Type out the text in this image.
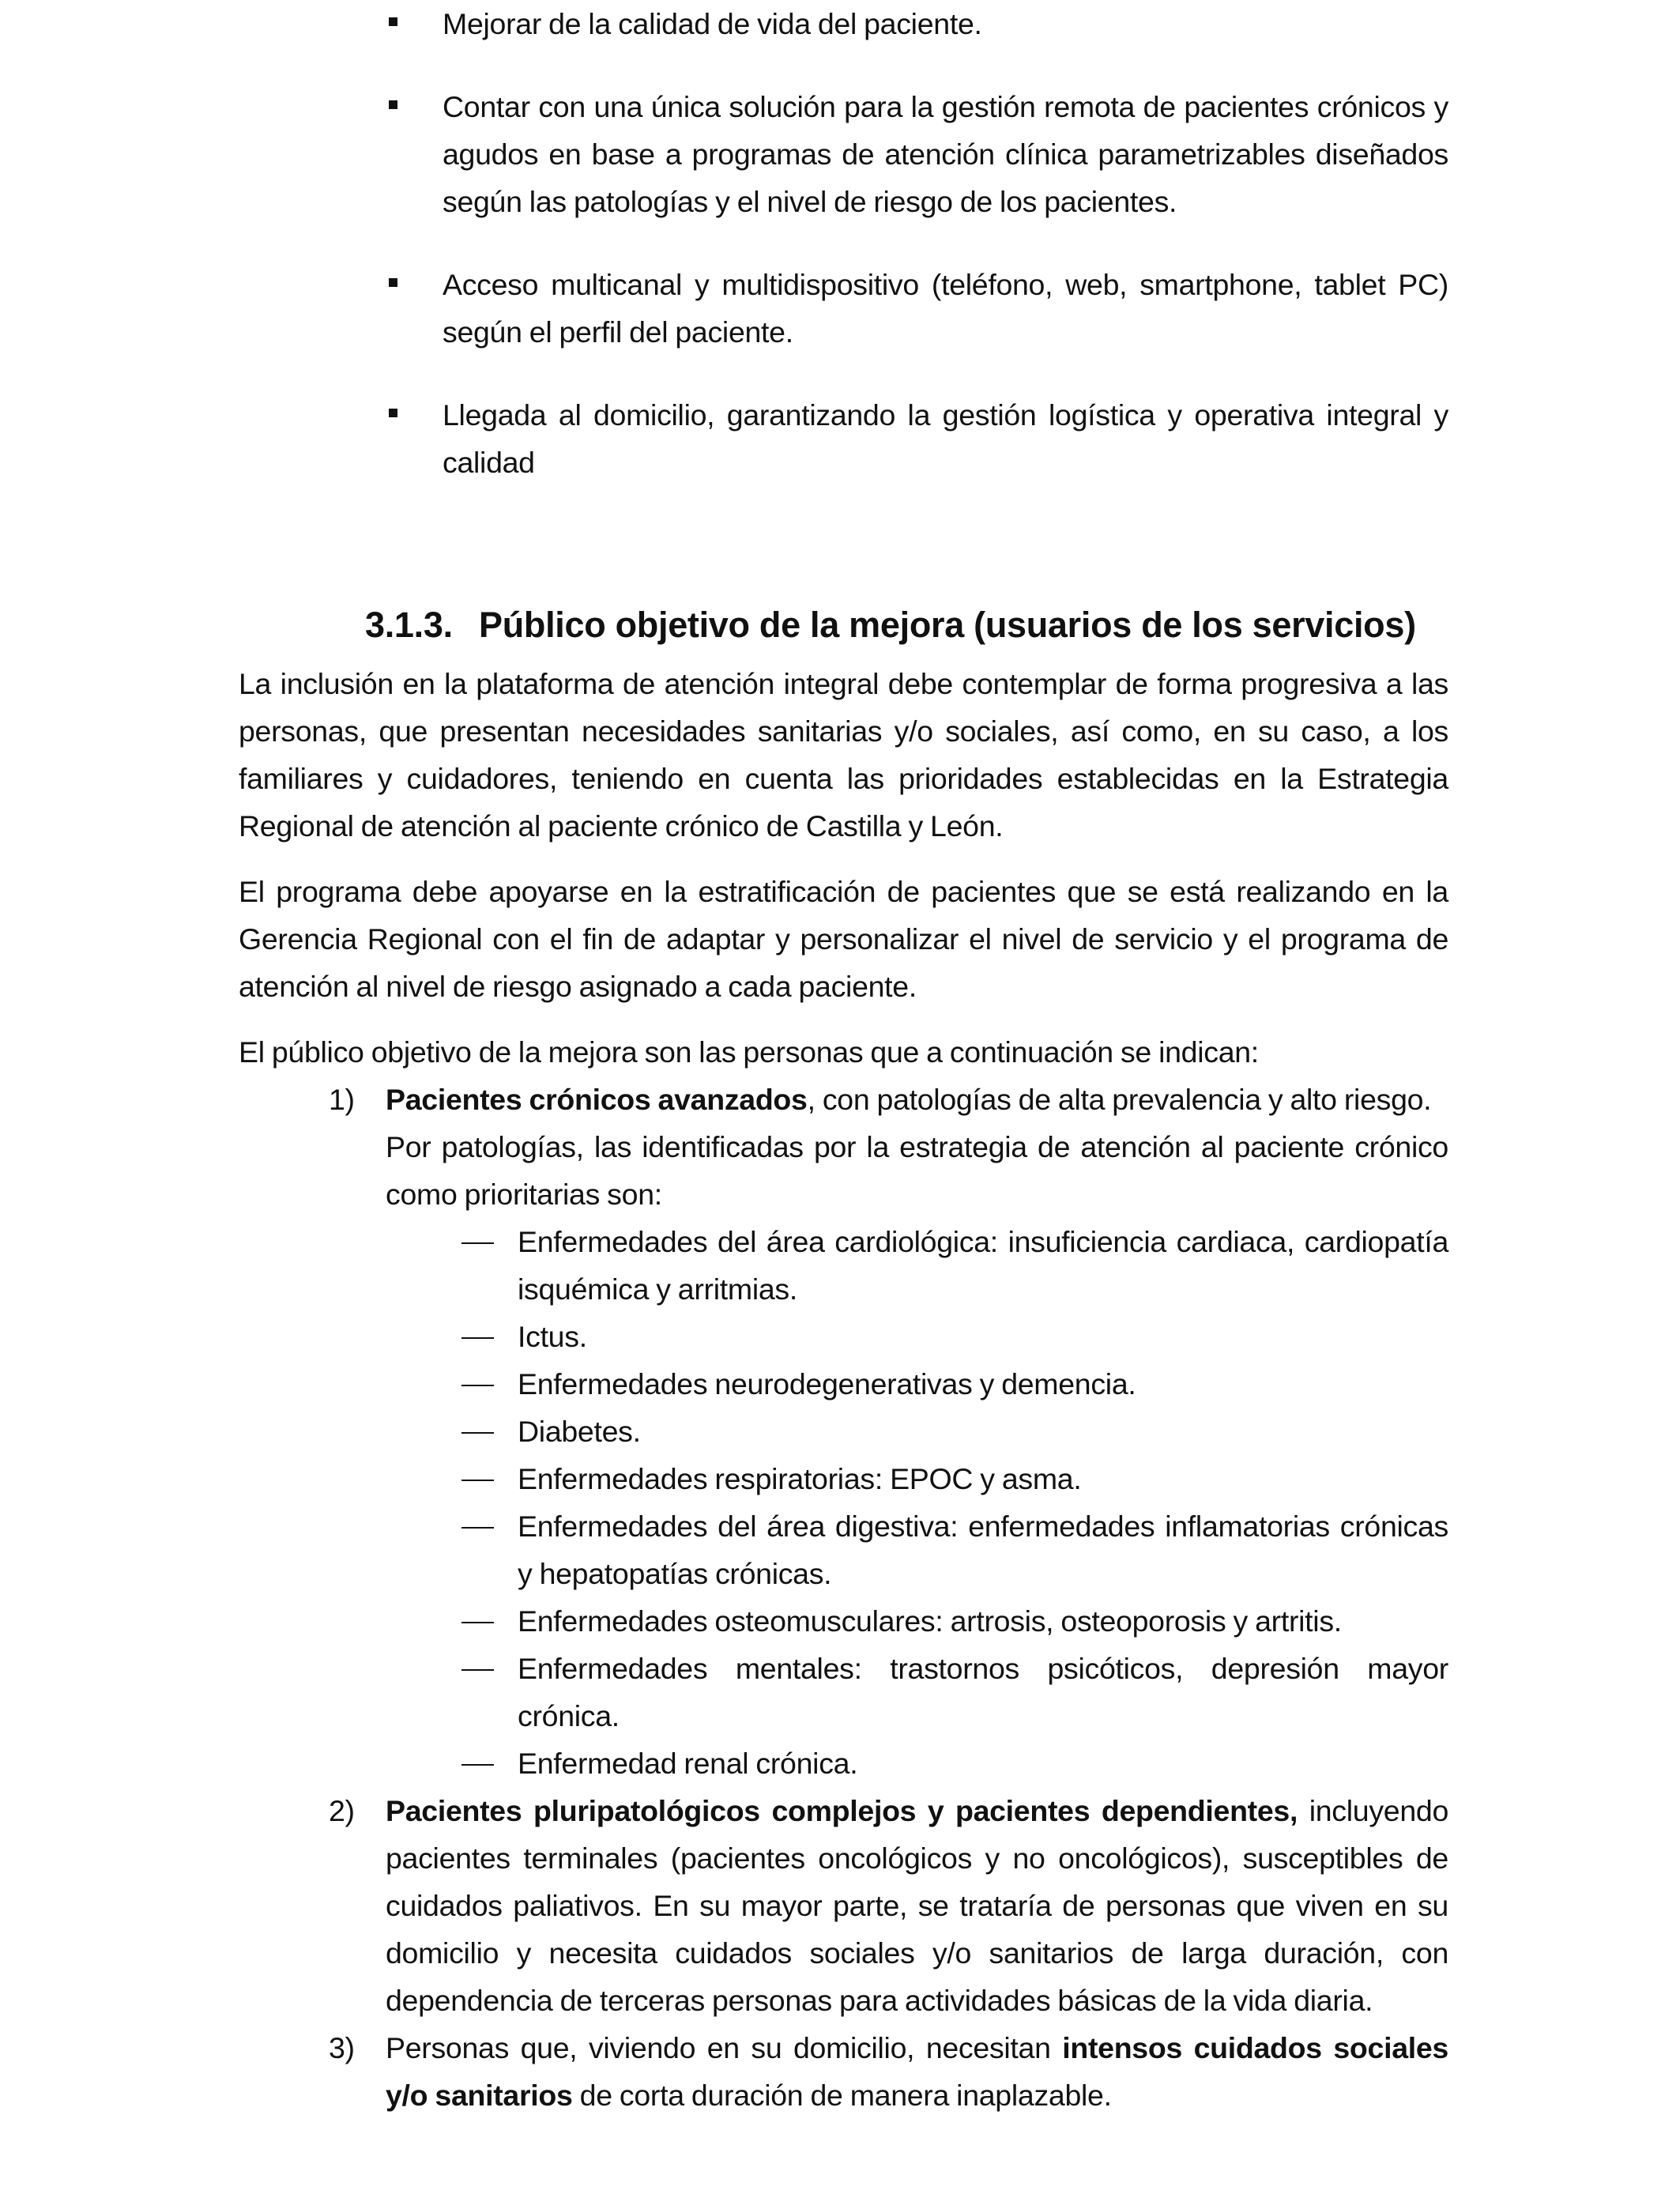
Mejorar de la calidad de vida del paciente.
Contar con una única solución para la gestión remota de pacientes crónicos y agudos en base a programas de atención clínica parametrizables diseñados según las patologías y el nivel de riesgo de los pacientes.
Acceso multicanal y multidispositivo (teléfono, web, smartphone, tablet PC) según el perfil del paciente.
Llegada al domicilio, garantizando la gestión logística y operativa integral y calidad
3.1.3. Público objetivo de la mejora (usuarios de los servicios)

La inclusión en la plataforma de atención integral debe contemplar de forma progresiva a las personas, que presentan necesidades sanitarias y/o sociales, así como, en su caso, a los familiares y cuidadores, teniendo en cuenta las prioridades establecidas en la Estrategia Regional de atención al paciente crónico de Castilla y León.

El programa debe apoyarse en la estratificación de pacientes que se está realizando en la Gerencia Regional con el fin de adaptar y personalizar el nivel de servicio y el programa de atención al nivel de riesgo asignado a cada paciente.

El público objetivo de la mejora son las personas que a continuación se indican:

1) Pacientes crónicos avanzados, con patologías de alta prevalencia y alto riesgo.
Por patologías, las identificadas por la estrategia de atención al paciente crónico como prioritarias son:
Enfermedades del área cardiológica: insuficiencia cardiaca, cardiopatía isquémica y arritmias.
Ictus.
Enfermedades neurodegenerativas y demencia.
Diabetes.
Enfermedades respiratorias: EPOC y asma.
Enfermedades del área digestiva: enfermedades inflamatorias crónicas y hepatopatías crónicas.
Enfermedades osteomusculares: artrosis, osteoporosis y artritis.
Enfermedades mentales: trastornos psicóticos, depresión mayor crónica.
Enfermedad renal crónica.
2) Pacientes pluripatológicos complejos y pacientes dependientes, incluyendo pacientes terminales (pacientes oncológicos y no oncológicos), susceptibles de cuidados paliativos. En su mayor parte, se trataría de personas que viven en su domicilio y necesita cuidados sociales y/o sanitarios de larga duración, con dependencia de terceras personas para actividades básicas de la vida diaria.
3) Personas que, viviendo en su domicilio, necesitan intensos cuidados sociales y/o sanitarios de corta duración de manera inaplazable.
